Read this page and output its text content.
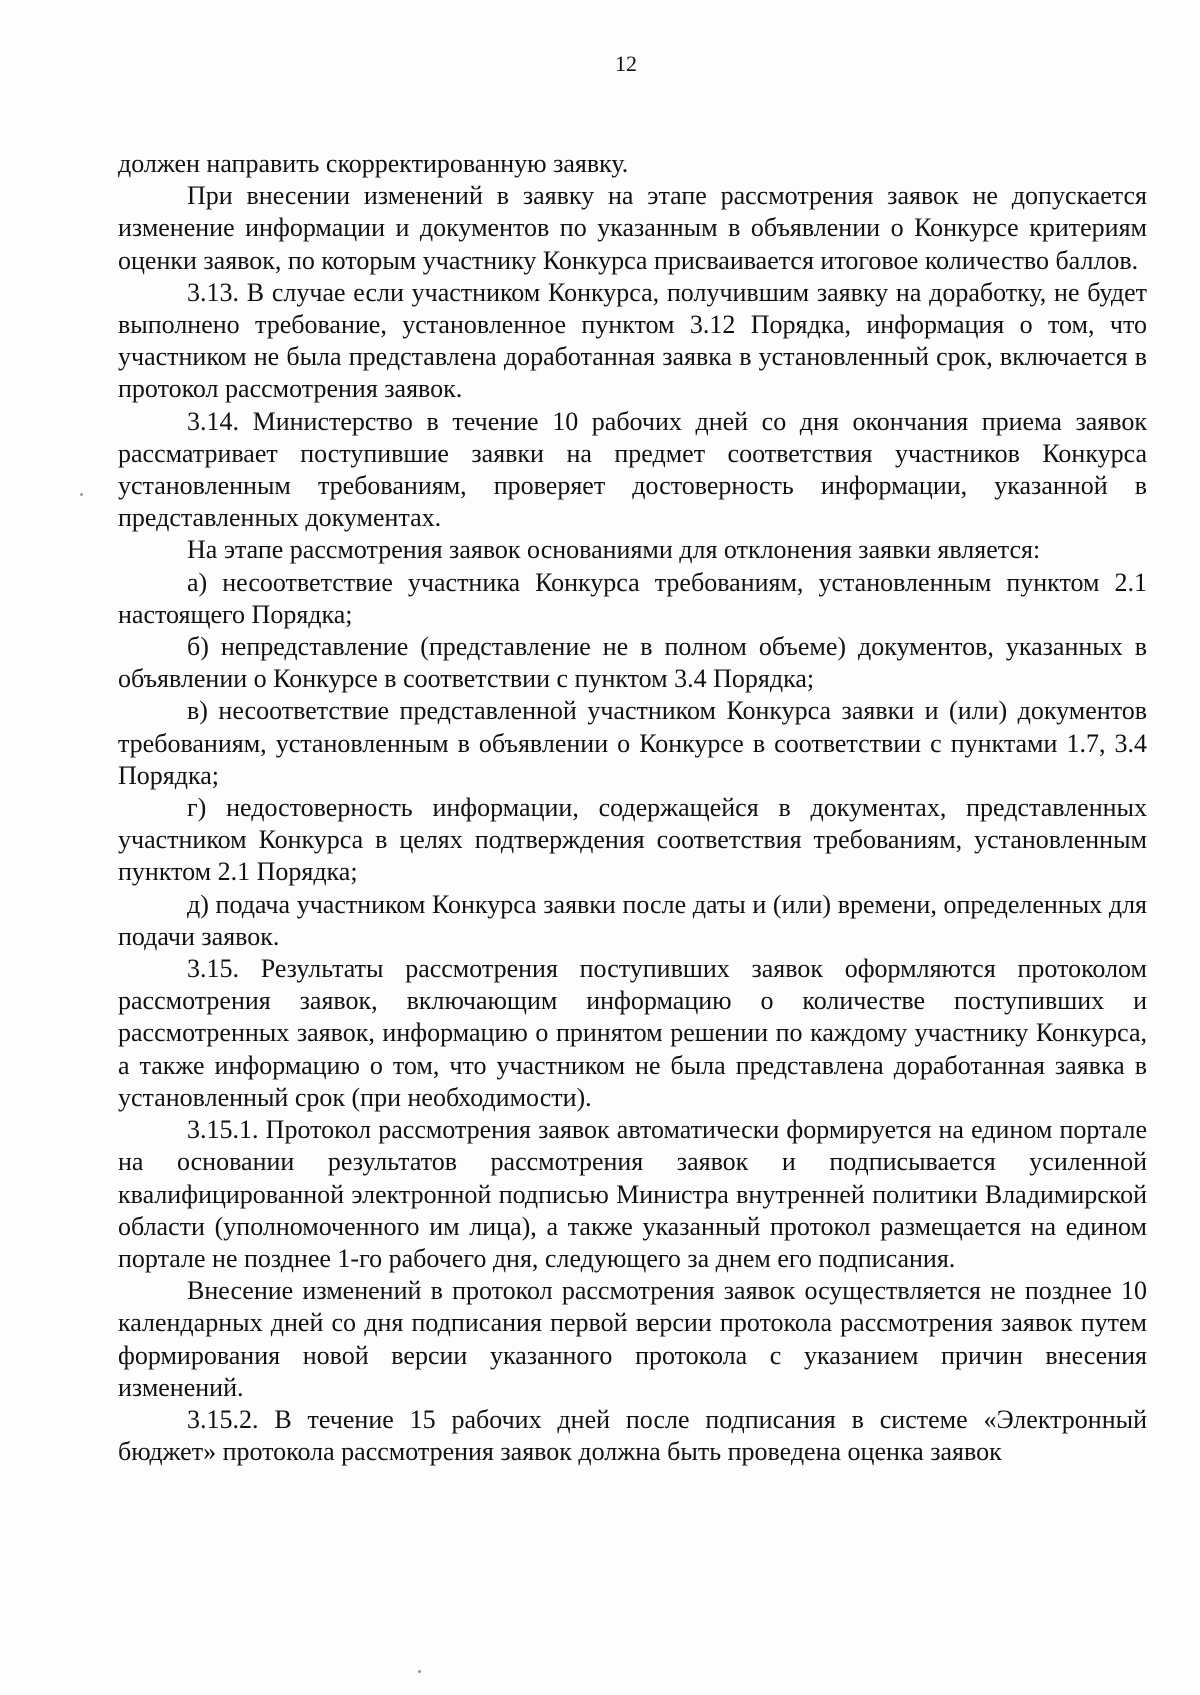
12

должен направить скорректированную заявку.

При внесении изменений в заявку на этапе рассмотрения заявок не допускается изменение информации и документов по указанным в объявлении о Конкурсе критериям оценки заявок, по которым участнику Конкурса присваивается итоговое количество баллов.

3.13. В случае если участником Конкурса, получившим заявку на доработку, не будет выполнено требование, установленное пунктом 3.12 Порядка, информация о том, что участником не была представлена доработанная заявка в установленный срок, включается в протокол рассмотрения заявок.

3.14. Министерство в течение 10 рабочих дней со дня окончания приема заявок рассматривает поступившие заявки на предмет соответствия участников Конкурса установленным требованиям, проверяет достоверность информации, указанной в представленных документах.

На этапе рассмотрения заявок основаниями для отклонения заявки является:

а) несоответствие участника Конкурса требованиям, установленным пунктом 2.1 настоящего Порядка;

б) непредставление (представление не в полном объеме) документов, указанных в объявлении о Конкурсе в соответствии с пунктом 3.4 Порядка;

в) несоответствие представленной участником Конкурса заявки и (или) документов требованиям, установленным в объявлении о Конкурсе в соответствии с пунктами 1.7, 3.4 Порядка;

г) недостоверность информации, содержащейся в документах, представленных участником Конкурса в целях подтверждения соответствия требованиям, установленным пунктом 2.1 Порядка;

д) подача участником Конкурса заявки после даты и (или) времени, определенных для подачи заявок.

3.15. Результаты рассмотрения поступивших заявок оформляются протоколом рассмотрения заявок, включающим информацию о количестве поступивших и рассмотренных заявок, информацию о принятом решении по каждому участнику Конкурса, а также информацию о том, что участником не была представлена доработанная заявка в установленный срок (при необходимости).

3.15.1. Протокол рассмотрения заявок автоматически формируется на едином портале на основании результатов рассмотрения заявок и подписывается усиленной квалифицированной электронной подписью Министра внутренней политики Владимирской области (уполномоченного им лица), а также указанный протокол размещается на едином портале не позднее 1-го рабочего дня, следующего за днем его подписания.

Внесение изменений в протокол рассмотрения заявок осуществляется не позднее 10 календарных дней со дня подписания первой версии протокола рассмотрения заявок путем формирования новой версии указанного протокола с указанием причин внесения изменений.

3.15.2. В течение 15 рабочих дней после подписания в системе «Электронный бюджет» протокола рассмотрения заявок должна быть проведена оценка заявок
